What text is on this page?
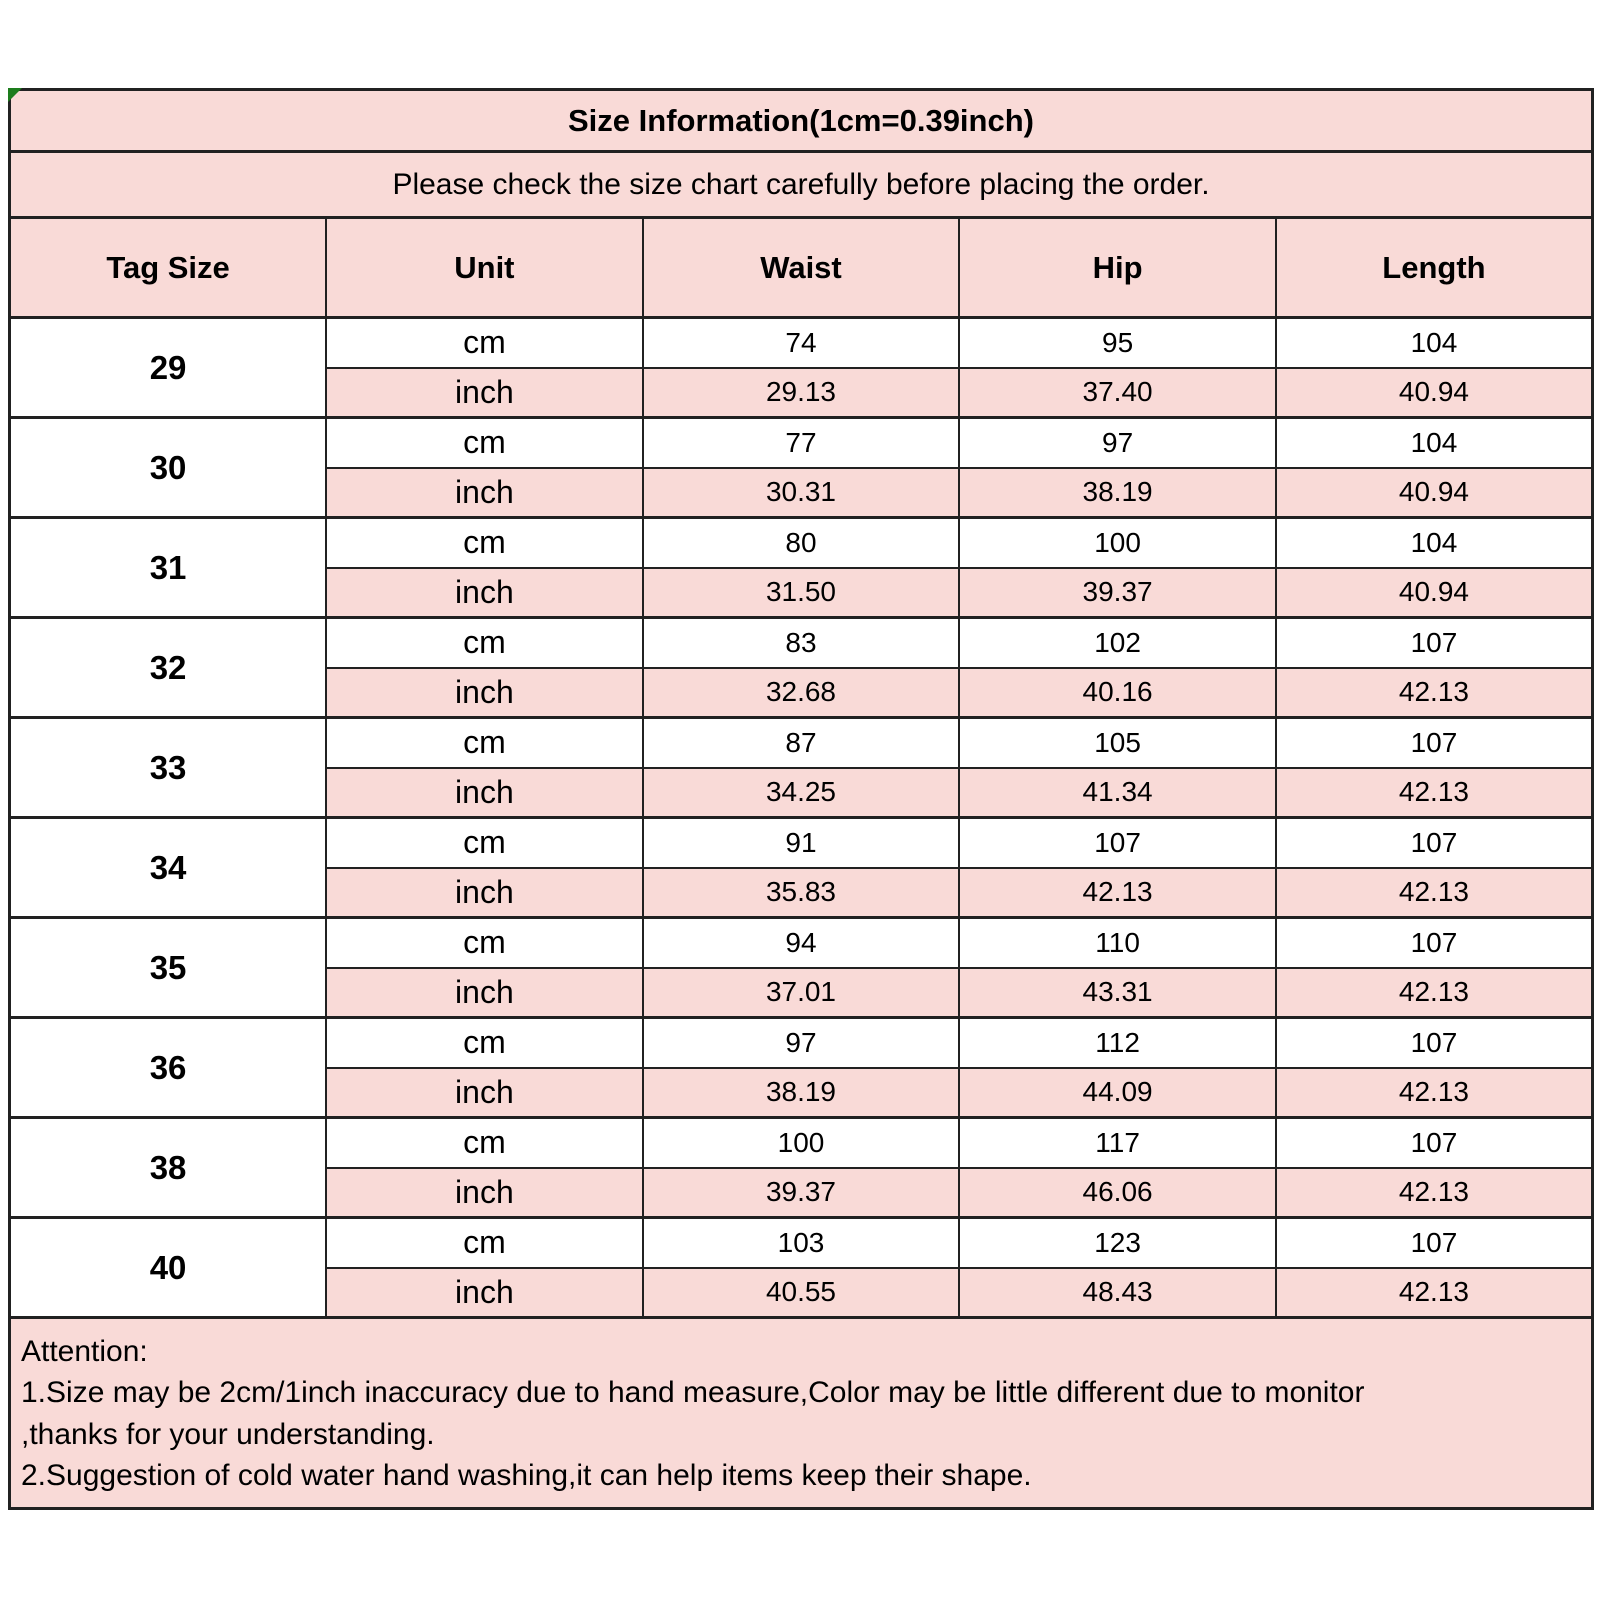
Size Information(1cm=0.39inch)				
Please check the size chart carefully before placing the order.				
Tag Size	Unit	Waist	Hip	Length
29	cm	74	95	104
	inch	29.13	37.40	40.94
30	cm	77	97	104
	inch	30.31	38.19	40.94
31	cm	80	100	104
	inch	31.50	39.37	40.94
32	cm	83	102	107
	inch	32.68	40.16	42.13
33	cm	87	105	107
	inch	34.25	41.34	42.13
34	cm	91	107	107
	inch	35.83	42.13	42.13
35	cm	94	110	107
	inch	37.01	43.31	42.13
36	cm	97	112	107
	inch	38.19	44.09	42.13
38	cm	100	117	107
	inch	39.37	46.06	42.13
40	cm	103	123	107
	inch	40.55	48.43	42.13

Attention:
1.Size may be 2cm/1inch inaccuracy due to hand measure,Color may be little different due to monitor
,thanks for your understanding.
2.Suggestion of cold water hand washing,it can help items keep their shape.				
